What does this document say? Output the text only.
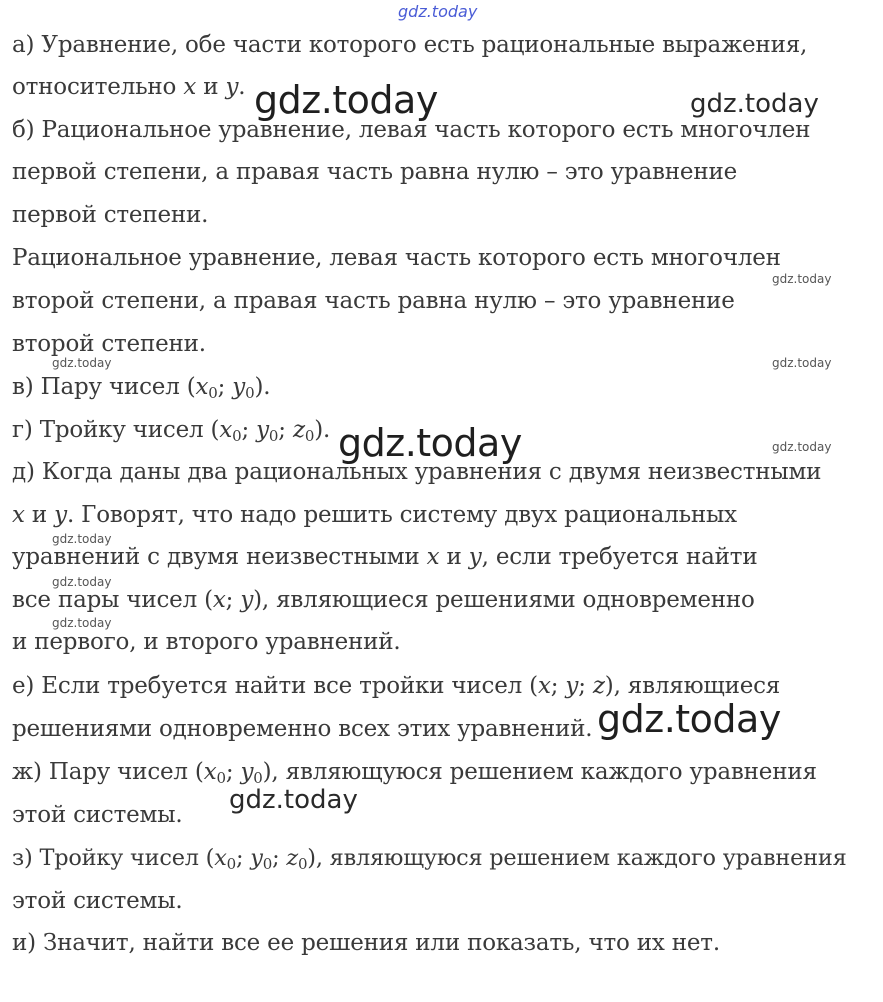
gdz.today
gdz.today	gdz.today
gdz.today
gdz.today	gdz.today
gdz.today	gdz.today
gdz.today
gdz.today
gdz.today
gdz.today
gdz.today
а) Уравнение, обе части которого есть рациональные выражения,
относительно x и y.
б) Рациональное уравнение, левая часть которого есть многочлен
первой степени, а правая часть равна нулю – это уравнение
первой степени.
Рациональное уравнение, левая часть которого есть многочлен
второй степени, а правая часть равна нулю – это уравнение
второй степени.
в) Пару чисел ($x_0$; $y_0$).
г) Тройку чисел ($x_0$; $y_0$; $z_0$).
д) Когда даны два рациональных уравнения с двумя неизвестными
x и y. Говорят, что надо решить систему двух рациональных
уравнений с двумя неизвестными x и y, если требуется найти
все пары чисел (x; y), являющиеся решениями одновременно
и первого, и второго уравнений.
е) Если требуется найти все тройки чисел (x; y; z), являющиеся
решениями одновременно всех этих уравнений.
ж) Пару чисел ($x_0$; $y_0$), являющуюся решением каждого уравнения
этой системы.
з) Тройку чисел ($x_0$; $y_0$; $z_0$), являющуюся решением каждого уравнения
этой системы.
и) Значит, найти все ее решения или показать, что их нет.
